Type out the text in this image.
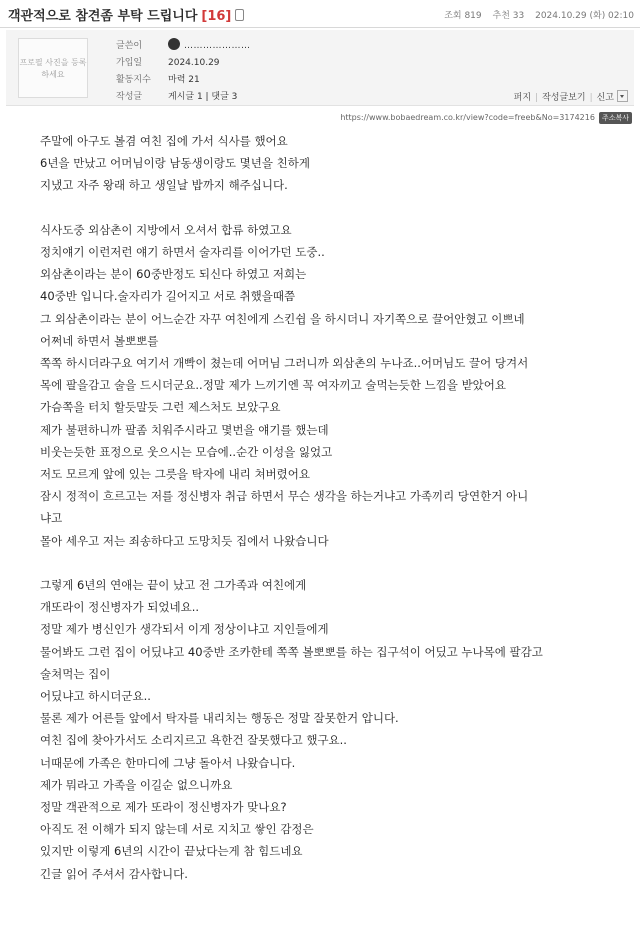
객관적으로 참견좀 부탁 드립니다 [16]	조회 819 추천 33 2024.10.29 (화) 02:10
프로필 사진을 등록하세요
글쓴이	…………………
가입일	2024.10.29
활동지수 마력 21
작성글	게시글 1 | 댓글 3	퍼지 | 작성글보기 | 신고
https://www.bobaedream.co.kr/view?code=freeb&No=3174216 주소복사
주말에 아구도 볼겸 여친 집에 가서 식사를 했어요
6년을 만났고 어머님이랑 남동생이랑도 몇년을 친하게
지냈고 자주 왕래 하고 생일날 밥까지 해주십니다.
식사도중 외삼촌이 지방에서 오셔서 합류 하였고요
정치얘기 이런저런 얘기 하면서 술자리를 이어가던 도중..
외삼촌이라는 분이 60중반정도 되신다 하였고 저희는
40중반 입니다.술자리가 길어지고 서로 취했을때쯤
그 외삼촌이라는 분이 어느순간 자꾸 여친에게 스킨쉽 을 하시더니 자기쪽으로 끌어안혔고 이쁘네
어쩌네 하면서 볼뽀뽀를
쪽쪽 하시더라구요 여기서 개빡이 쳤는데 어머님 그러니까 외삼촌의 누나죠..어머님도 끌어 당겨서
목에 팔을감고 술을 드시더군요..정말 제가 느끼기엔 꼭 여자끼고 술먹는듯한 느낌을 받았어요
가슴쪽을 터치 할듯말듯 그런 제스처도 보았구요
제가 불편하니까 팔좀 치워주시라고 몇번을 얘기를 했는데
비웃는듯한 표정으로 웃으시는 모습에..순간 이성을 잃었고
저도 모르게 앞에 있는 그릇을 탁자에 내리 쳐버렸어요
잠시 정적이 흐르고는 저를 정신병자 취급 하면서 무슨 생각을 하는거냐고 가족끼리 당연한거 아니
냐고
몰아 세우고 저는 죄송하다고 도망치듯 집에서 나왔습니다
그렇게 6년의 연애는 끝이 났고 전 그가족과 여친에게
개또라이 정신병자가 되었네요..
정말 제가 병신인가 생각되서 이게 정상이냐고 지인들에게
물어봐도 그런 집이 어딨냐고 40중반 조카한테 쪽쪽 볼뽀뽀를 하는 집구석이 어딨고 누나목에 팔감고
술쳐먹는 집이
어딨냐고 하시더군요..
물론 제가 어른들 앞에서 탁자를 내리치는 행동은 정말 잘못한거 압니다.
여친 집에 찾아가서도 소리지르고 욕한건 잘못했다고 했구요..
너때문에 가족은 한마디에 그냥 돌아서 나왔습니다.
제가 뭐라고 가족을 이길순 없으니까요
정말 객관적으로 제가 또라이 정신병자가 맞나요?
아직도 전 이해가 되지 않는데 서로 지치고 쌓인 감정은
있지만 이렇게 6년의 시간이 끝났다는게 참 힘드네요
긴글 읽어 주셔서 감사합니다.
